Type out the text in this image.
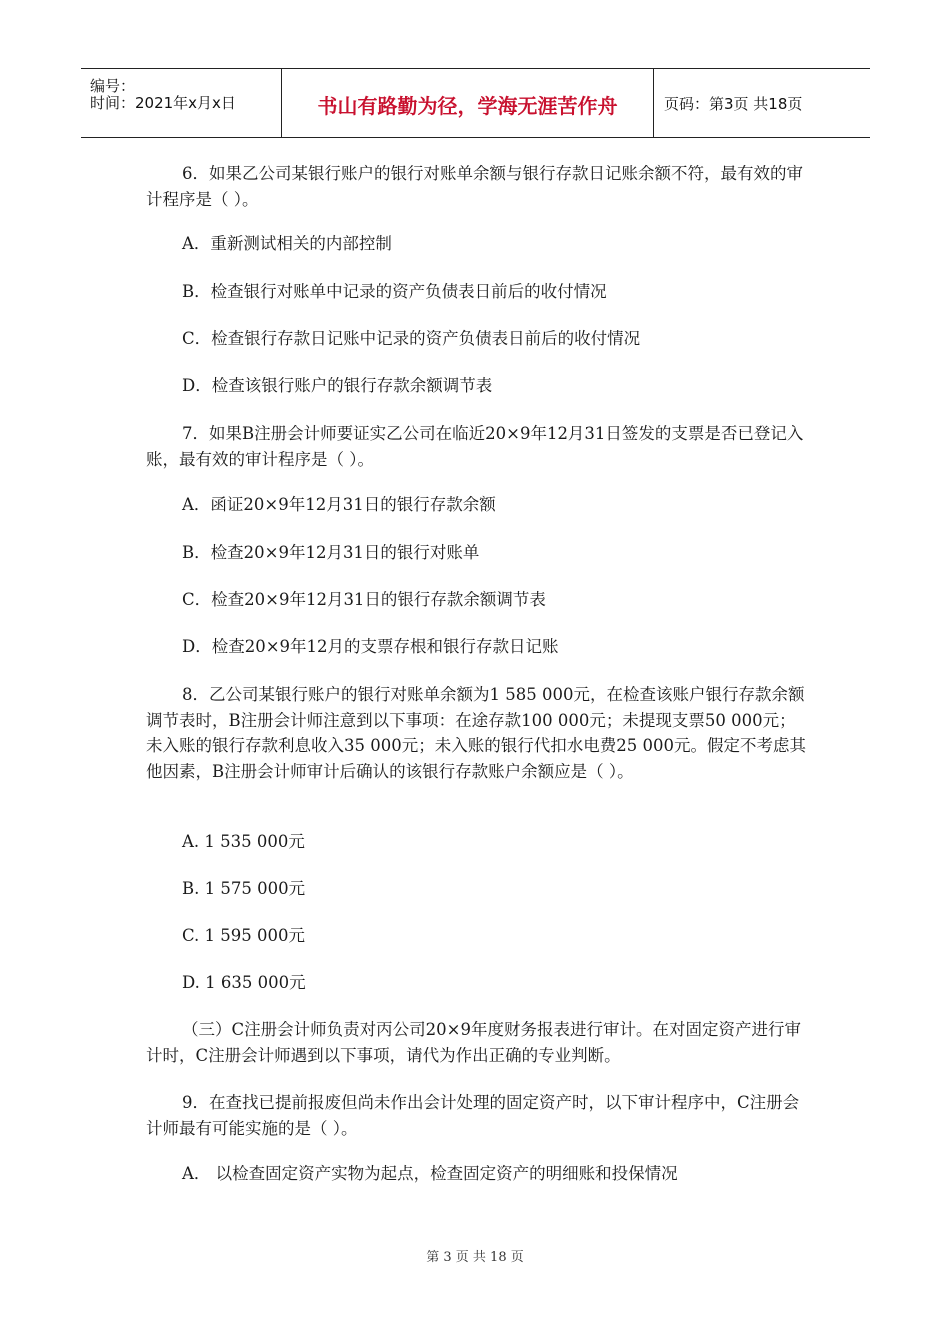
编号：
时间：2021年x月x日	书山有路勤为径，学海无涯苦作舟	页码：第3页 共18页

6．如果乙公司某银行账户的银行对账单余额与银行存款日记账余额不符，最有效的审计程序是（ ）。

A．重新测试相关的内部控制

B．检查银行对账单中记录的资产负债表日前后的收付情况

C．检查银行存款日记账中记录的资产负债表日前后的收付情况

D．检查该银行账户的银行存款余额调节表

7．如果B注册会计师要证实乙公司在临近20×9年12月31日签发的支票是否已登记入账，最有效的审计程序是（ ）。

A．函证20×9年12月31日的银行存款余额

B．检查20×9年12月31日的银行对账单

C．检查20×9年12月31日的银行存款余额调节表

D．检查20×9年12月的支票存根和银行存款日记账

8．乙公司某银行账户的银行对账单余额为1 585 000元，在检查该账户银行存款余额调节表时，B注册会计师注意到以下事项：在途存款100 000元；未提现支票50 000元；未入账的银行存款利息收入35 000元；未入账的银行代扣水电费25 000元。假定不考虑其他因素，B注册会计师审计后确认的该银行存款账户余额应是（ ）。

A. 1 535 000元

B. 1 575 000元

C. 1 595 000元

D. 1 635 000元

（三）C注册会计师负责对丙公司20×9年度财务报表进行审计。在对固定资产进行审计时，C注册会计师遇到以下事项，请代为作出正确的专业判断。

9．在查找已提前报废但尚未作出会计处理的固定资产时，以下审计程序中，C注册会计师最有可能实施的是（ ）。

A． 以检查固定资产实物为起点，检查固定资产的明细账和投保情况

第 3 页 共 18 页
